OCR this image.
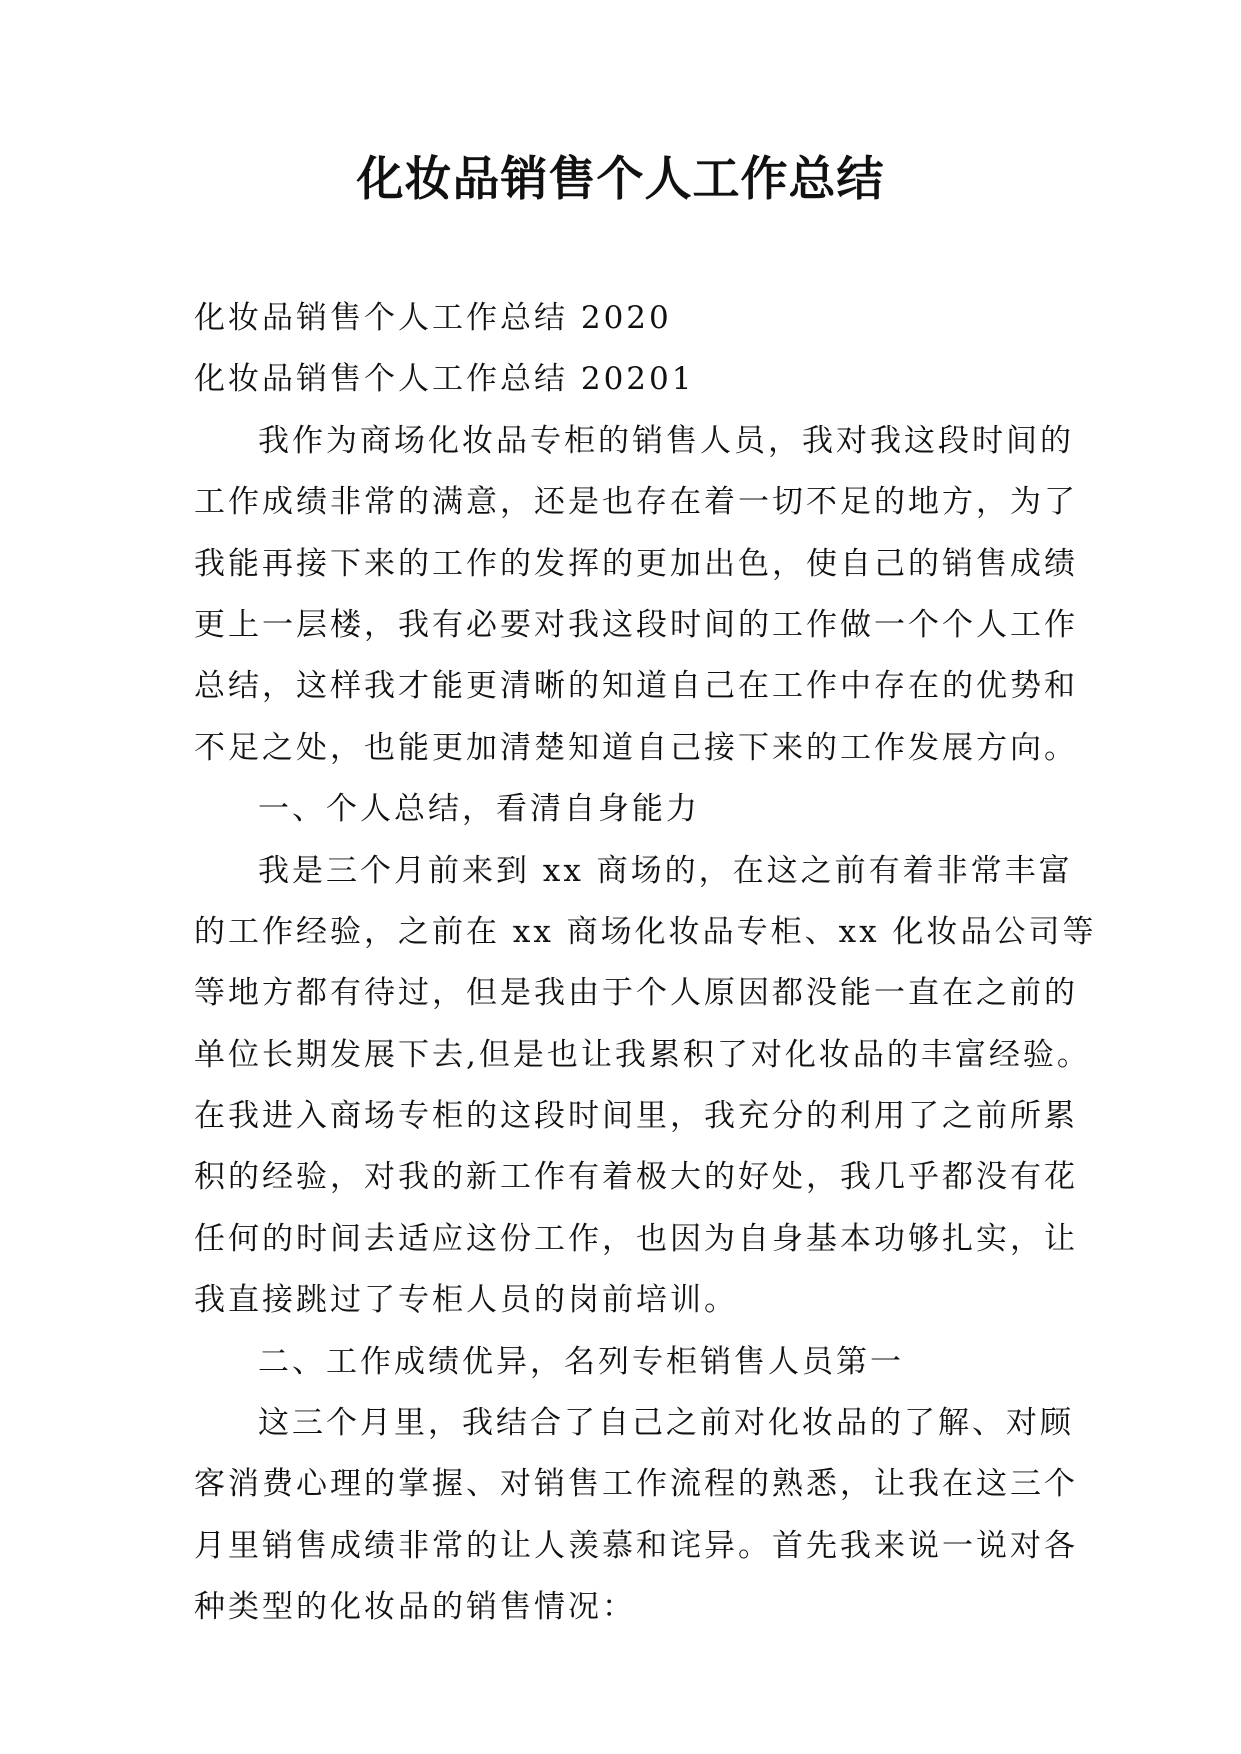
化妆品销售个人工作总结
化妆品销售个人工作总结 2020
化妆品销售个人工作总结 20201
我作为商场化妆品专柜的销售人员，我对我这段时间的
工作成绩非常的满意，还是也存在着一切不足的地方，为了
我能再接下来的工作的发挥的更加出色，使自己的销售成绩
更上一层楼，我有必要对我这段时间的工作做一个个人工作
总结，这样我才能更清晰的知道自己在工作中存在的优势和
不足之处，也能更加清楚知道自己接下来的工作发展方向。
一、个人总结，看清自身能力
我是三个月前来到 xx 商场的，在这之前有着非常丰富
的工作经验，之前在 xx 商场化妆品专柜、xx 化妆品公司等
等地方都有待过，但是我由于个人原因都没能一直在之前的
单位长期发展下去,但是也让我累积了对化妆品的丰富经验。
在我进入商场专柜的这段时间里，我充分的利用了之前所累
积的经验，对我的新工作有着极大的好处，我几乎都没有花
任何的时间去适应这份工作，也因为自身基本功够扎实，让
我直接跳过了专柜人员的岗前培训。
二、工作成绩优异，名列专柜销售人员第一
这三个月里，我结合了自己之前对化妆品的了解、对顾
客消费心理的掌握、对销售工作流程的熟悉，让我在这三个
月里销售成绩非常的让人羡慕和诧异。首先我来说一说对各
种类型的化妆品的销售情况：
